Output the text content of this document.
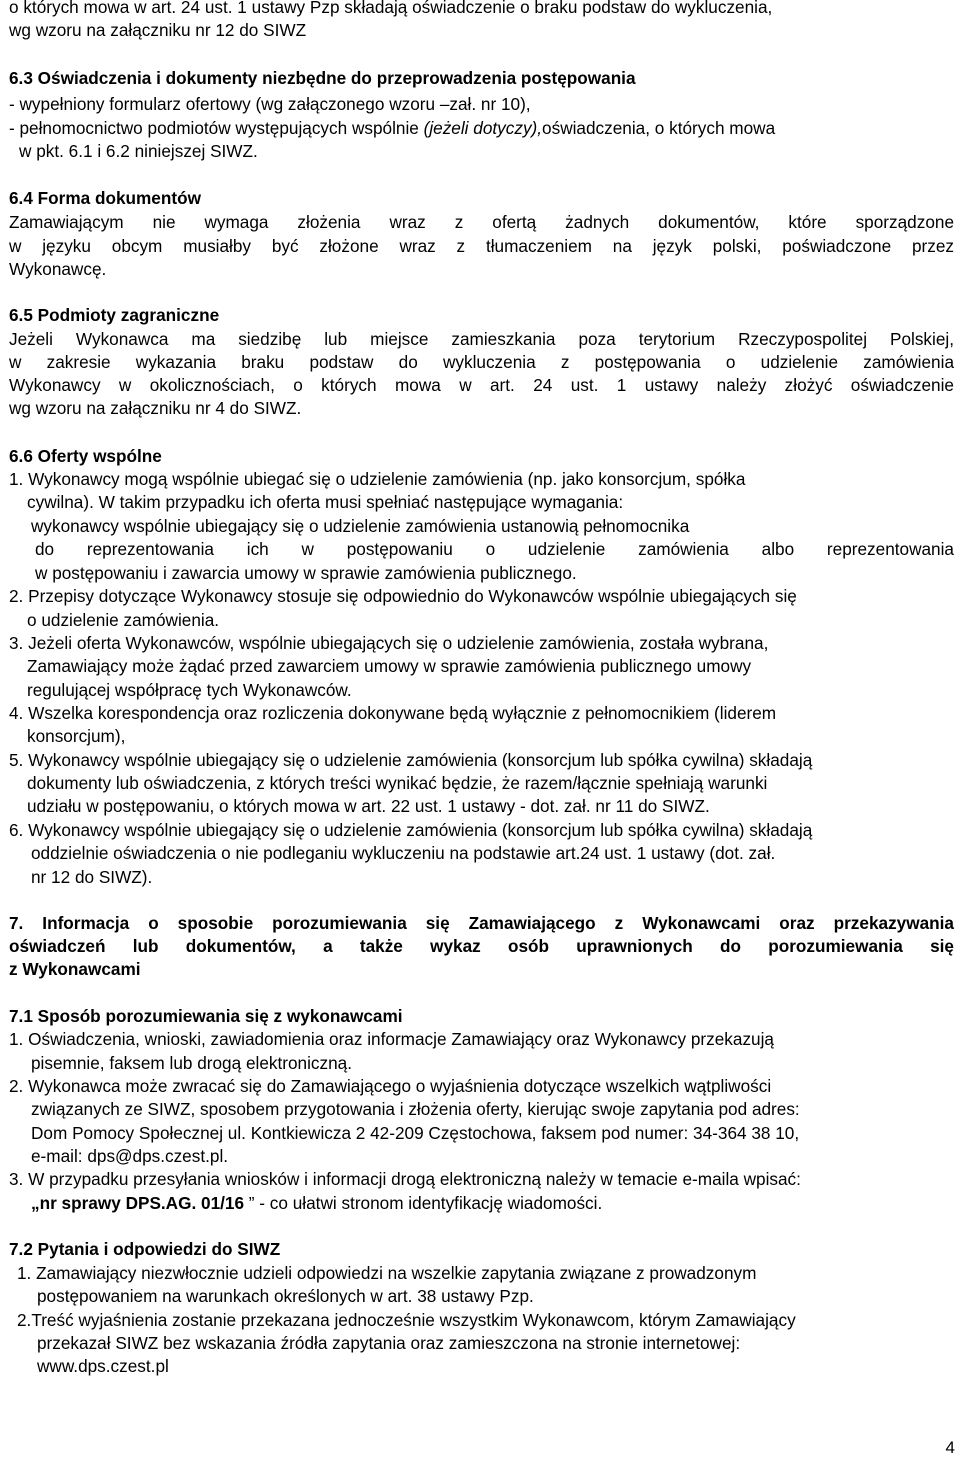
o których mowa w art. 24 ust. 1 ustawy Pzp składają oświadczenie o braku podstaw do wykluczenia,
wg wzoru na załączniku nr 12 do SIWZ
6.3 Oświadczenia i dokumenty niezbędne do przeprowadzenia postępowania
- wypełniony formularz ofertowy (wg załączonego wzoru –zał. nr 10),
- pełnomocnictwo podmiotów występujących wspólnie (jeżeli dotyczy),oświadczenia, o których mowa
w pkt. 6.1 i 6.2 niniejszej SIWZ.
6.4 Forma dokumentów
Zamawiającym nie wymaga złożenia wraz z ofertą żadnych dokumentów, które sporządzone
w języku obcym musiałby być złożone wraz z tłumaczeniem na język polski, poświadczone przez
Wykonawcę.
6.5 Podmioty zagraniczne
Jeżeli Wykonawca ma siedzibę lub miejsce zamieszkania poza terytorium Rzeczypospolitej Polskiej,
w zakresie wykazania braku podstaw do wykluczenia z postępowania o udzielenie zamówienia
Wykonawcy w okolicznościach, o których mowa w art. 24 ust. 1 ustawy należy złożyć oświadczenie
wg wzoru na załączniku nr 4 do SIWZ.
6.6 Oferty wspólne
1. Wykonawcy mogą wspólnie ubiegać się o udzielenie zamówienia (np. jako konsorcjum, spółka
cywilna). W takim przypadku ich oferta musi spełniać następujące wymagania:
wykonawcy wspólnie ubiegający się o udzielenie zamówienia ustanowią pełnomocnika
do reprezentowania ich w postępowaniu o udzielenie zamówienia albo reprezentowania
w postępowaniu i zawarcia umowy w sprawie zamówienia publicznego.
2. Przepisy dotyczące Wykonawcy stosuje się odpowiednio do Wykonawców wspólnie ubiegających się
o udzielenie zamówienia.
3. Jeżeli oferta Wykonawców, wspólnie ubiegających się o udzielenie zamówienia, została wybrana,
Zamawiający może żądać przed zawarciem umowy w sprawie zamówienia publicznego umowy
regulującej współpracę tych Wykonawców.
4. Wszelka korespondencja oraz rozliczenia dokonywane będą wyłącznie z pełnomocnikiem (liderem
konsorcjum),
5. Wykonawcy wspólnie ubiegający się o udzielenie zamówienia (konsorcjum lub spółka cywilna) składają
dokumenty lub oświadczenia, z których treści wynikać będzie, że razem/łącznie spełniają warunki
udziału w postępowaniu, o których mowa w art. 22 ust. 1 ustawy - dot. zał. nr 11 do SIWZ.
6. Wykonawcy wspólnie ubiegający się o udzielenie zamówienia (konsorcjum lub spółka cywilna) składają
oddzielnie oświadczenia o nie podleganiu wykluczeniu na podstawie art.24 ust. 1 ustawy (dot. zał.
nr 12 do SIWZ).
7. Informacja o sposobie porozumiewania się Zamawiającego z Wykonawcami oraz przekazywania
oświadczeń lub dokumentów, a także wykaz osób uprawnionych do porozumiewania się
z Wykonawcami
7.1 Sposób porozumiewania się z wykonawcami
1. Oświadczenia, wnioski, zawiadomienia oraz informacje Zamawiający oraz Wykonawcy przekazują
pisemnie, faksem lub drogą elektroniczną.
2. Wykonawca może zwracać się do Zamawiającego o wyjaśnienia dotyczące wszelkich wątpliwości
związanych ze SIWZ, sposobem przygotowania i złożenia oferty, kierując swoje zapytania pod adres:
Dom Pomocy Społecznej ul. Kontkiewicza 2 42-209 Częstochowa, faksem pod numer: 34-364 38 10,
e-mail: dps@dps.czest.pl.
3. W przypadku przesyłania wniosków i informacji drogą elektroniczną należy w temacie e-maila wpisać:
„nr sprawy DPS.AG. 01/16 ” - co ułatwi stronom identyfikację wiadomości.
7.2 Pytania i odpowiedzi do SIWZ
1. Zamawiający niezwłocznie udzieli odpowiedzi na wszelkie zapytania związane z prowadzonym
postępowaniem na warunkach określonych w art. 38 ustawy Pzp.
2.Treść wyjaśnienia zostanie przekazana jednocześnie wszystkim Wykonawcom, którym Zamawiający
przekazał SIWZ bez wskazania źródła zapytania oraz zamieszczona na stronie internetowej:
www.dps.czest.pl
4
